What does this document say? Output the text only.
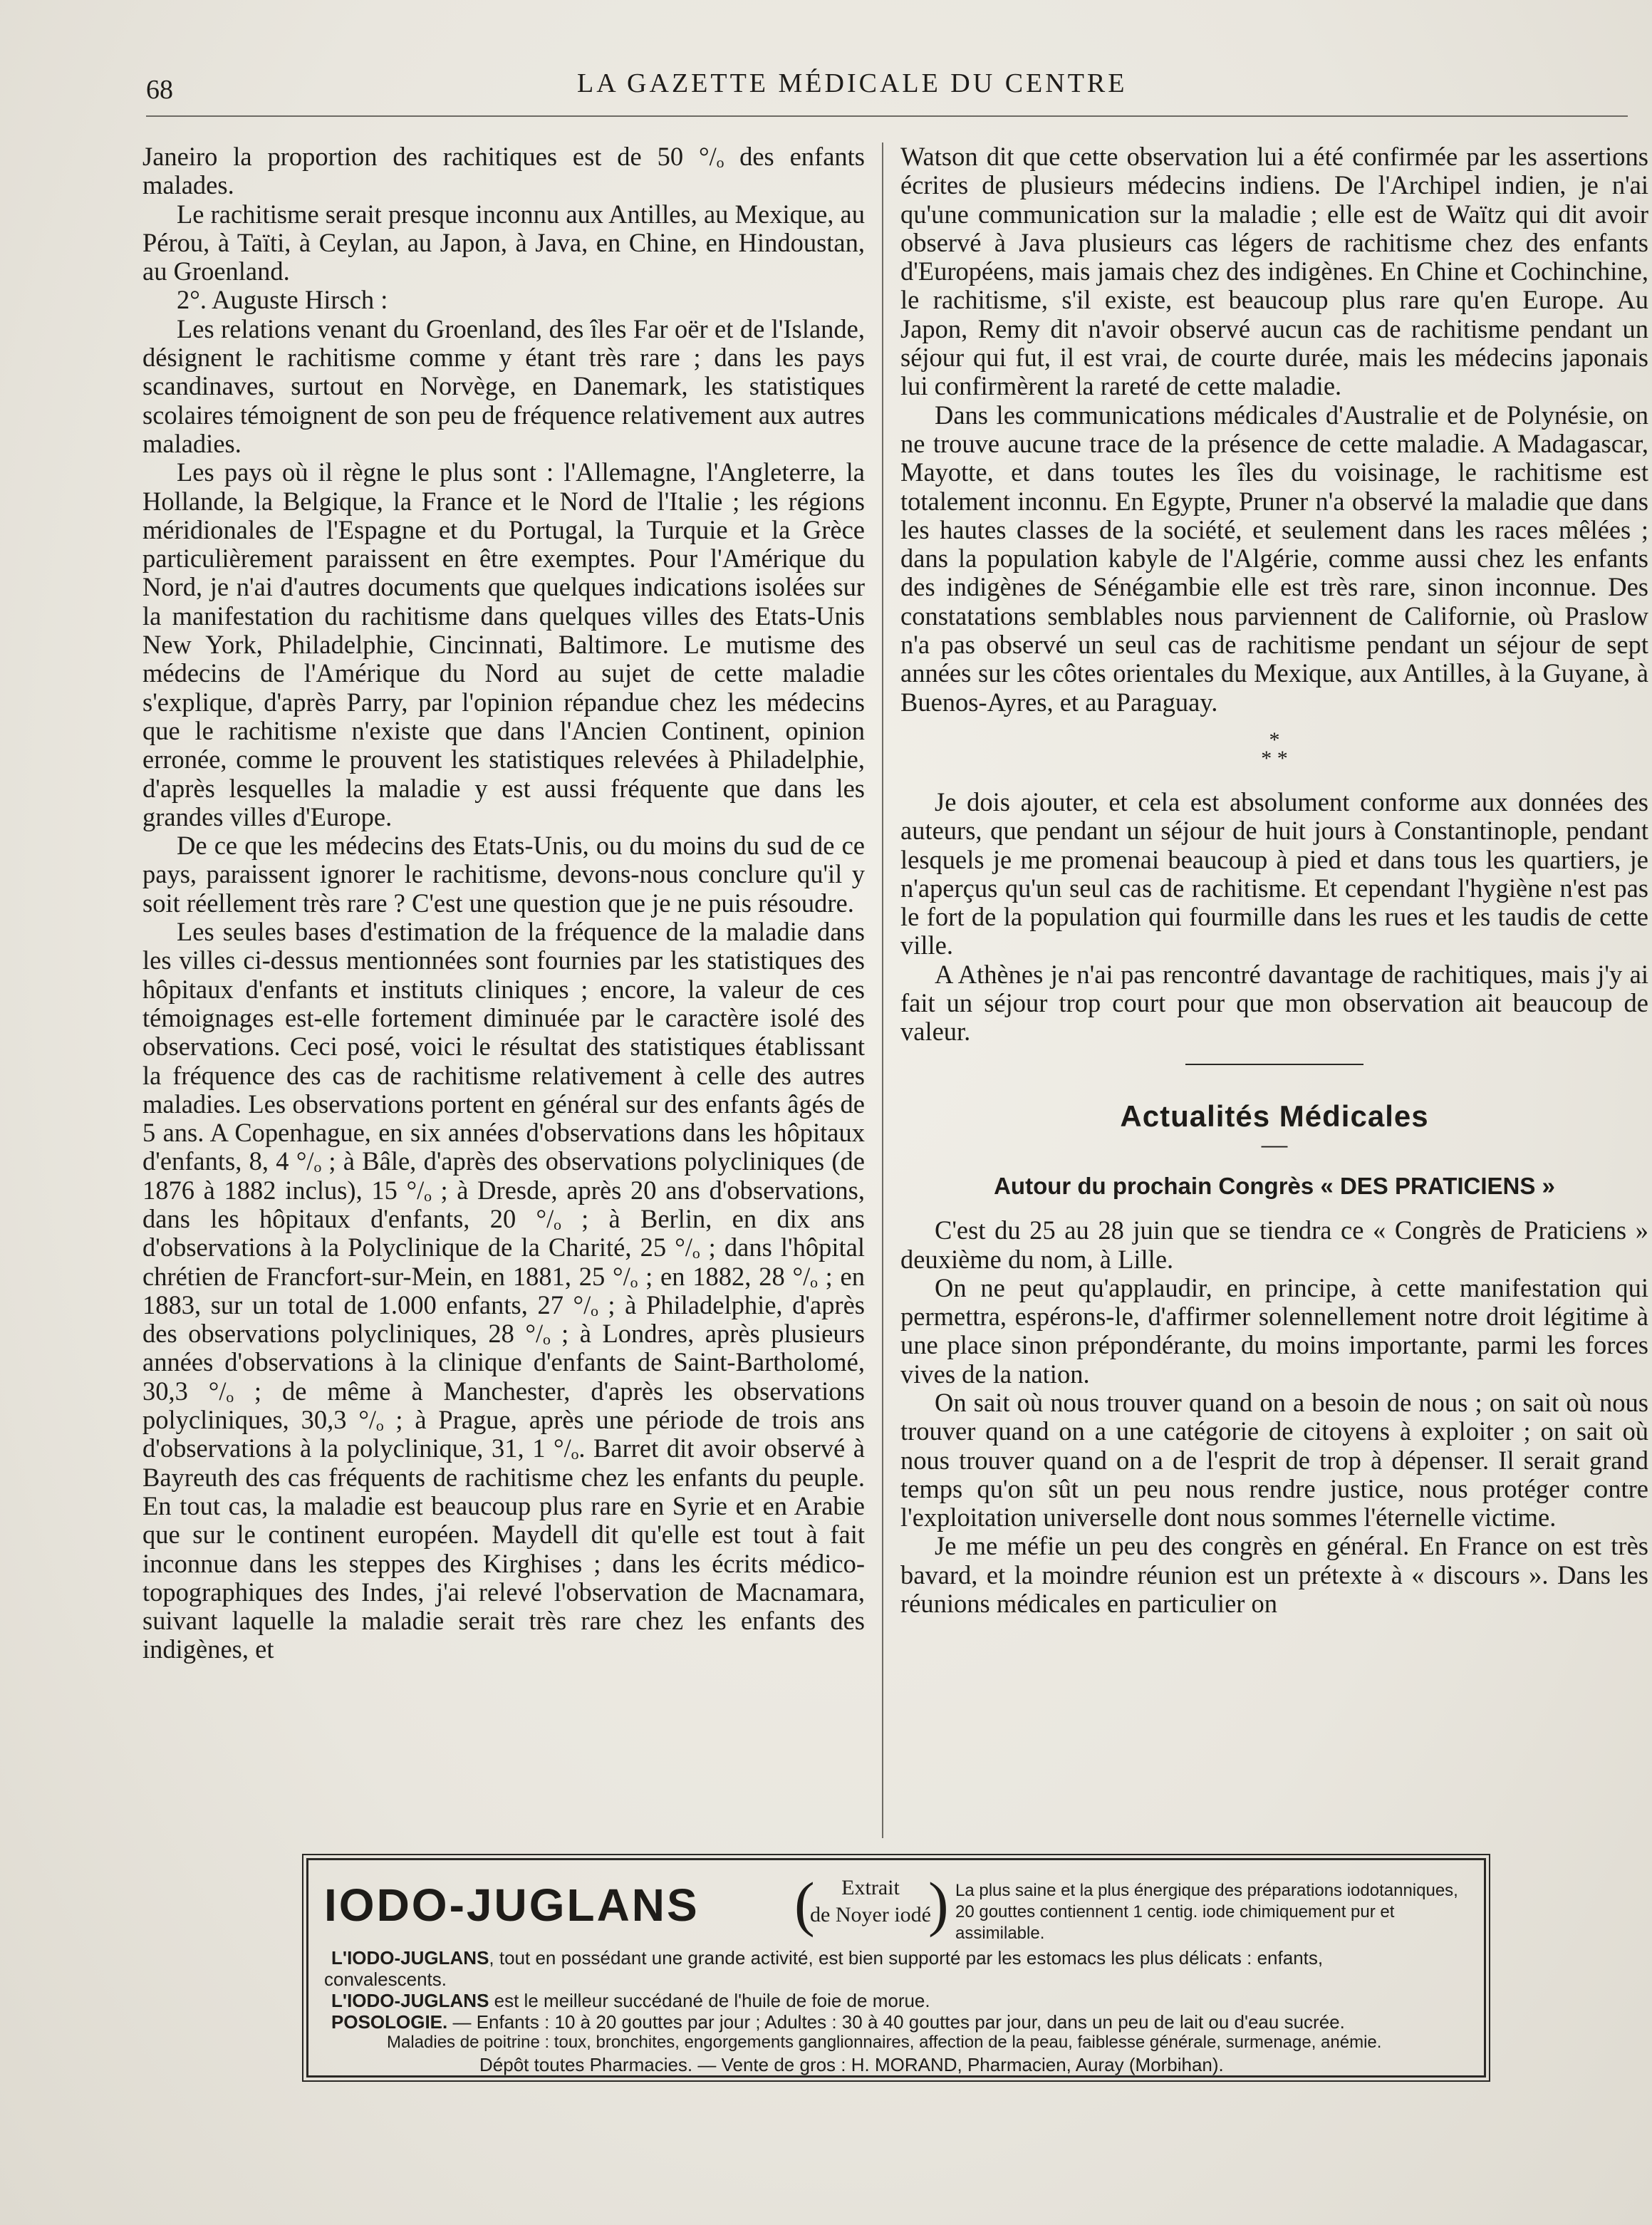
68	LA GAZETTE MÉDICALE DU CENTRE

Janeiro la proportion des rachitiques est de 50 °/ₒ des enfants malades.

Le rachitisme serait presque inconnu aux Antilles, au Mexique, au Pérou, à Taïti, à Ceylan, au Japon, à Java, en Chine, en Hindoustan, au Groenland.

2°. Auguste Hirsch :

Les relations venant du Groenland, des îles Far oër et de l'Islande, désignent le rachitisme comme y étant très rare ; dans les pays scandinaves, surtout en Norvège, en Danemark, les statistiques scolaires témoignent de son peu de fréquence relativement aux autres maladies.

Les pays où il règne le plus sont : l'Allemagne, l'Angleterre, la Hollande, la Belgique, la France et le Nord de l'Italie ; les régions méridionales de l'Espagne et du Portugal, la Turquie et la Grèce particulièrement paraissent en être exemptes. Pour l'Amérique du Nord, je n'ai d'autres documents que quelques indications isolées sur la manifestation du rachitisme dans quelques villes des Etats-Unis New York, Philadelphie, Cincinnati, Baltimore. Le mutisme des médecins de l'Amérique du Nord au sujet de cette maladie s'explique, d'après Parry, par l'opinion répandue chez les médecins que le rachitisme n'existe que dans l'Ancien Continent, opinion erronée, comme le prouvent les statistiques relevées à Philadelphie, d'après lesquelles la maladie y est aussi fréquente que dans les grandes villes d'Europe.

De ce que les médecins des Etats-Unis, ou du moins du sud de ce pays, paraissent ignorer le rachitisme, devons-nous conclure qu'il y soit réellement très rare ? C'est une question que je ne puis résoudre.

Les seules bases d'estimation de la fréquence de la maladie dans les villes ci-dessus mentionnées sont fournies par les statistiques des hôpitaux d'enfants et instituts cliniques ; encore, la valeur de ces témoignages est-elle fortement diminuée par le caractère isolé des observations. Ceci posé, voici le résultat des statistiques établissant la fréquence des cas de rachitisme relativement à celle des autres maladies. Les observations portent en général sur des enfants âgés de 5 ans. A Copenhague, en six années d'observations dans les hôpitaux d'enfants, 8, 4 °/ₒ ; à Bâle, d'après des observations polycliniques (de 1876 à 1882 inclus), 15 °/ₒ ; à Dresde, après 20 ans d'observations, dans les hôpitaux d'enfants, 20 °/ₒ ; à Berlin, en dix ans d'observations à la Polyclinique de la Charité, 25 °/ₒ ; dans l'hôpital chrétien de Francfort-sur-Mein, en 1881, 25 °/ₒ ; en 1882, 28 °/ₒ ; en 1883, sur un total de 1.000 enfants, 27 °/ₒ ; à Philadelphie, d'après des observations polycliniques, 28 °/ₒ ; à Londres, après plusieurs années d'observations à la clinique d'enfants de Saint-Bartholomé, 30,3 °/ₒ ; de même à Manchester, d'après les observations polycliniques, 30,3 °/ₒ ; à Prague, après une période de trois ans d'observations à la polyclinique, 31, 1 °/ₒ. Barret dit avoir observé à Bayreuth des cas fréquents de rachitisme chez les enfants du peuple. En tout cas, la maladie est beaucoup plus rare en Syrie et en Arabie que sur le continent européen. Maydell dit qu'elle est tout à fait inconnue dans les steppes des Kirghises ; dans les écrits médico-topographiques des Indes, j'ai relevé l'observation de Macnamara, suivant laquelle la maladie serait très rare chez les enfants des indigènes, et

Watson dit que cette observation lui a été confirmée par les assertions écrites de plusieurs médecins indiens. De l'Archipel indien, je n'ai qu'une communication sur la maladie ; elle est de Waïtz qui dit avoir observé à Java plusieurs cas légers de rachitisme chez des enfants d'Européens, mais jamais chez des indigènes. En Chine et Cochinchine, le rachitisme, s'il existe, est beaucoup plus rare qu'en Europe. Au Japon, Remy dit n'avoir observé aucun cas de rachitisme pendant un séjour qui fut, il est vrai, de courte durée, mais les médecins japonais lui confirmèrent la rareté de cette maladie.

Dans les communications médicales d'Australie et de Polynésie, on ne trouve aucune trace de la présence de cette maladie. A Madagascar, Mayotte, et dans toutes les îles du voisinage, le rachitisme est totalement inconnu. En Egypte, Pruner n'a observé la maladie que dans les hautes classes de la société, et seulement dans les races mêlées ; dans la population kabyle de l'Algérie, comme aussi chez les enfants des indigènes de Sénégambie elle est très rare, sinon inconnue. Des constatations semblables nous parviennent de Californie, où Praslow n'a pas observé un seul cas de rachitisme pendant un séjour de sept années sur les côtes orientales du Mexique, aux Antilles, à la Guyane, à Buenos-Ayres, et au Paraguay.

*
* *

Je dois ajouter, et cela est absolument conforme aux données des auteurs, que pendant un séjour de huit jours à Constantinople, pendant lesquels je me promenai beaucoup à pied et dans tous les quartiers, je n'aperçus qu'un seul cas de rachitisme. Et cependant l'hygiène n'est pas le fort de la population qui fourmille dans les rues et les taudis de cette ville.

A Athènes je n'ai pas rencontré davantage de rachitiques, mais j'y ai fait un séjour trop court pour que mon observation ait beaucoup de valeur.

Actualités Médicales
—
Autour du prochain Congrès « DES PRATICIENS »

C'est du 25 au 28 juin que se tiendra ce « Congrès de Praticiens » deuxième du nom, à Lille.

On ne peut qu'applaudir, en principe, à cette manifestation qui permettra, espérons-le, d'affirmer solennellement notre droit légitime à une place sinon prépondérante, du moins importante, parmi les forces vives de la nation.

On sait où nous trouver quand on a besoin de nous ; on sait où nous trouver quand on a une catégorie de citoyens à exploiter ; on sait où nous trouver quand on a de l'esprit de trop à dépenser. Il serait grand temps qu'on sût un peu nous rendre justice, nous protéger contre l'exploitation universelle dont nous sommes l'éternelle victime.

Je me méfie un peu des congrès en général. En France on est très bavard, et la moindre réunion est un prétexte à « discours ». Dans les réunions médicales en particulier on

IODO-JUGLANS (	Extrait
de Noyer iodé
) La plus saine et la plus énergique des préparations iodotanniques, 20 gouttes contiennent 1 centig. iode chimiquement pur et assimilable.
L'IODO-JUGLANS, tout en possédant une grande activité, est bien supporté par les estomacs les plus délicats : enfants,
convalescents.
L'IODO-JUGLANS est le meilleur succédané de l'huile de foie de morue.
POSOLOGIE. — Enfants : 10 à 20 gouttes par jour ; Adultes : 30 à 40 gouttes par jour, dans un peu de lait ou d'eau sucrée.
Maladies de poitrine : toux, bronchites, engorgements ganglionnaires, affection de la peau, faiblesse générale, surmenage, anémie.
Dépôt toutes Pharmacies. — Vente de gros : H. MORAND, Pharmacien, Auray (Morbihan).
